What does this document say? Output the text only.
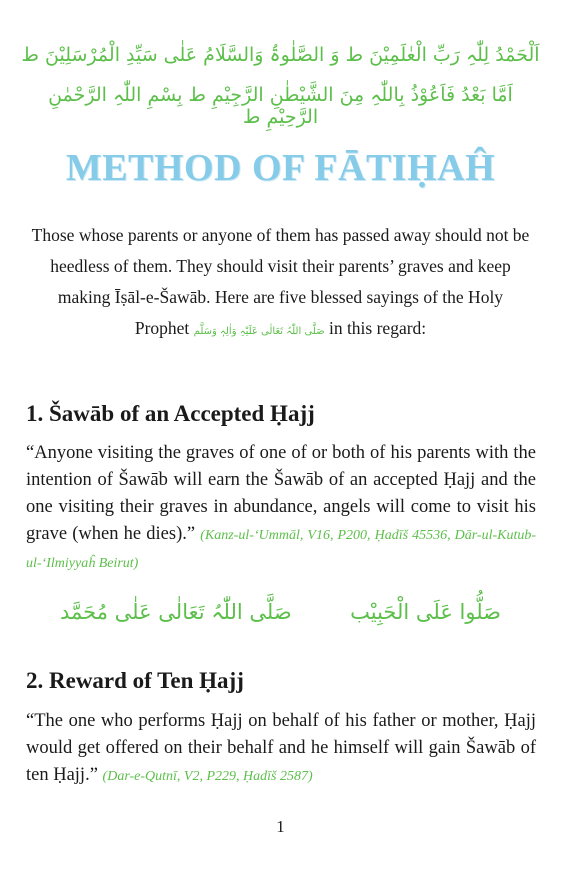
اَلْحَمْدُ لِلّٰہِ رَبِّ الْعٰلَمِیْنَ ط وَ الصَّلٰوۃُ وَالسَّلَامُ عَلٰی سَیِّدِ الْمُرْسَلِیْنَ ط
اَمَّا بَعْدُ فَاَعُوْذُ بِاللّٰہِ مِنَ الشَّیْطٰنِ الرَّجِیْمِ ط بِسْمِ اللّٰہِ الرَّحْمٰنِ الرَّحِیْمِ ط
METHOD OF FĀTIḤAĤ
Those whose parents or anyone of them has passed away should not be heedless of them. They should visit their parents’ graves and keep making Īṣāl-e-Šawāb. Here are five blessed sayings of the Holy Prophet صَلَّی اللّٰہُ تَعَالٰی عَلَیْہِ وَاٰلِہٖ وَسَلَّم in this regard:
1. Šawāb of an Accepted Ḥajj
“Anyone visiting the graves of one of or both of his parents with the intention of Šawāb will earn the Šawāb of an accepted Ḥajj and the one visiting their graves in abundance, angels will come to visit his grave (when he dies).” (Kanz-ul-‘Ummāl, V16, P200, Ḥadīš 45536, Dār-ul-Kutub-ul-‘Ilmiyyaĥ Beirut)
صَلُّوا عَلَى الْحَبِیْب
صَلَّی اللّٰہُ تَعَالٰی عَلٰی مُحَمَّد
2. Reward of Ten Ḥajj
“The one who performs Ḥajj on behalf of his father or mother, Ḥajj would get offered on their behalf and he himself will gain Šawāb of ten Ḥajj.” (Dar-e-Qutnī, V2, P229, Ḥadīš 2587)
1
